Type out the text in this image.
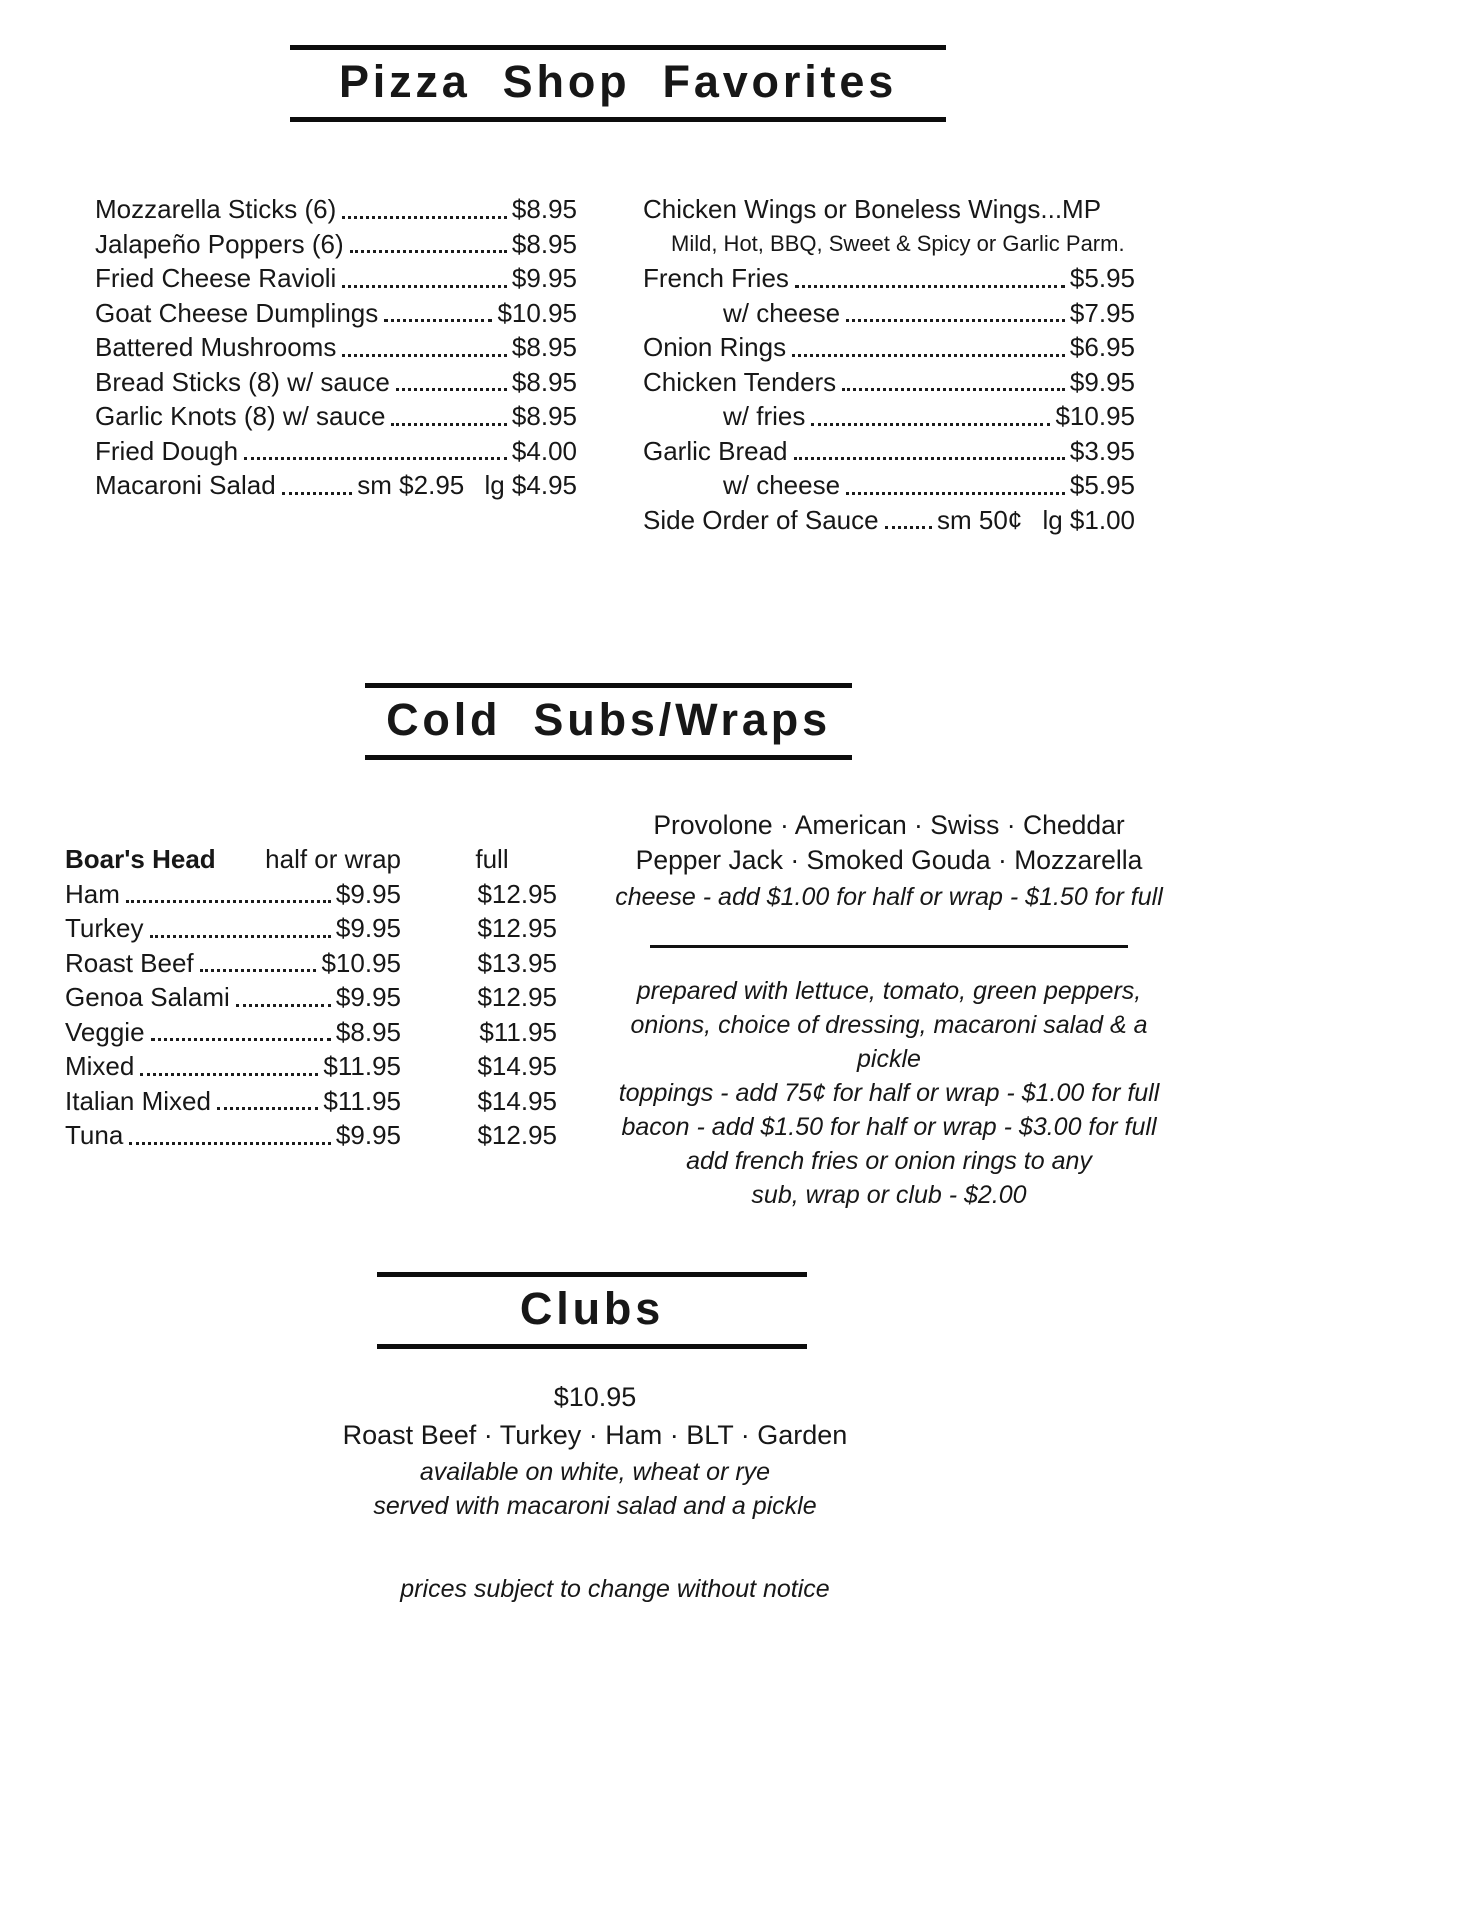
Pizza Shop Favorites
Mozzarella Sticks (6)	$8.95
Jalapeño Poppers (6)	$8.95
Fried Cheese Ravioli	$9.95
Goat Cheese Dumplings	$10.95
Battered Mushrooms	$8.95
Bread Sticks (8) w/ sauce	$8.95
Garlic Knots (8) w/ sauce	$8.95
Fried Dough	$4.00
Macaroni Salad	sm $2.95  lg $4.95
Chicken Wings or Boneless Wings...MP
Mild, Hot, BBQ, Sweet & Spicy or Garlic Parm.
French Fries	$5.95
w/ cheese	$7.95
Onion Rings	$6.95
Chicken Tenders	$9.95
w/ fries	$10.95
Garlic Bread	$3.95
w/ cheese	$5.95
Side Order of Sauce sm 50¢  lg $1.00
Cold Subs/Wraps
Boar's Head half or wrap	full
Ham	$9.95	$12.95
Turkey	$9.95	$12.95
Roast Beef	$10.95	$13.95
Genoa Salami	$9.95	$12.95
Veggie	$8.95	$11.95
Mixed	$11.95	$14.95
Italian Mixed	$11.95	$14.95
Tuna	$9.95	$12.95
Provolone · American · Swiss · Cheddar
Pepper Jack · Smoked Gouda · Mozzarella
cheese - add $1.00 for half or wrap - $1.50 for full
prepared with lettuce, tomato, green peppers,
onions, choice of dressing, macaroni salad & a pickle
toppings - add 75¢ for half or wrap - $1.00 for full
bacon - add $1.50 for half or wrap - $3.00 for full
add french fries or onion rings to any
sub, wrap or club - $2.00
Clubs
$10.95
Roast Beef · Turkey · Ham · BLT · Garden
available on white, wheat or rye
served with macaroni salad and a pickle
prices subject to change without notice
